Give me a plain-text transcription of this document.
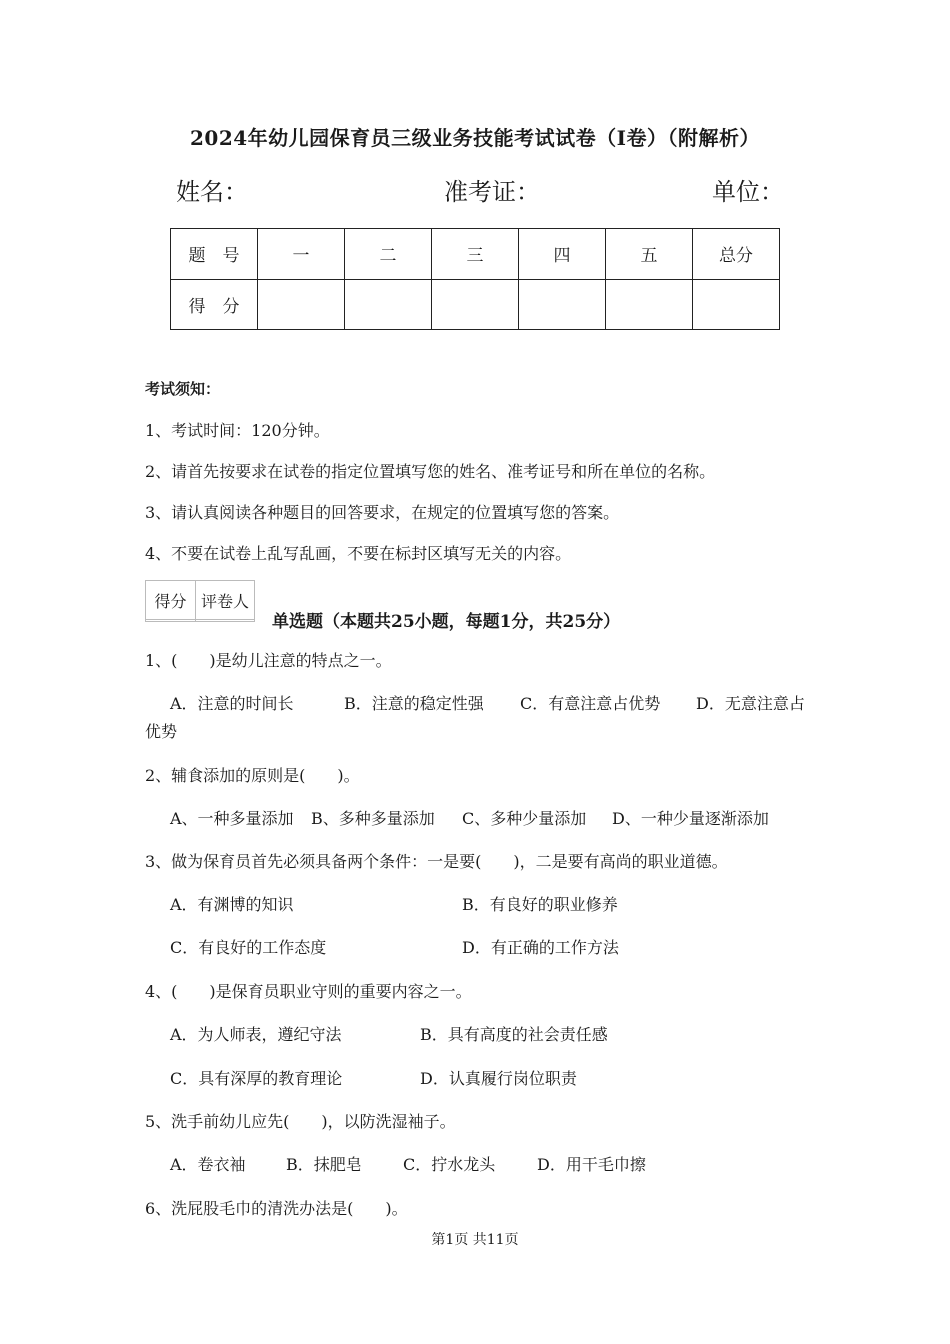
2024年幼儿园保育员三级业务技能考试试卷（I卷）（附解析）
姓名：	准考证：	单位：
题　号	一	二	三	四	五	总分
得　分						
考试须知：
1、考试时间：120分钟。
2、请首先按要求在试卷的指定位置填写您的姓名、准考证号和所在单位的名称。
3、请认真阅读各种题目的回答要求，在规定的位置填写您的答案。
4、不要在试卷上乱写乱画，不要在标封区填写无关的内容。
得分	评卷人

单选题（本题共25小题，每题1分，共25分）
1、(　　)是幼儿注意的特点之一。
A．注意的时间长	B．注意的稳定性强 C．有意注意占优势 D．无意注意占
优势
2、辅食添加的原则是(　　)。
A、一种多量添加 B、多种多量添加 C、多种少量添加 D、一种少量逐渐添加
3、做为保育员首先必须具备两个条件：一是要(　　)，二是要有高尚的职业道德。
A．有渊博的知识	B．有良好的职业修养
C．有良好的工作态度	D．有正确的工作方法
4、(　　)是保育员职业守则的重要内容之一。
A．为人师表，遵纪守法	B．具有高度的社会责任感
C．具有深厚的教育理论	D．认真履行岗位职责
5、洗手前幼儿应先(　　)，以防洗湿袖子。
A．卷衣袖	B．抹肥皂	C．拧水龙头	D．用干毛巾擦
6、洗屁股毛巾的清洗办法是(　　)。
第1页 共11页
